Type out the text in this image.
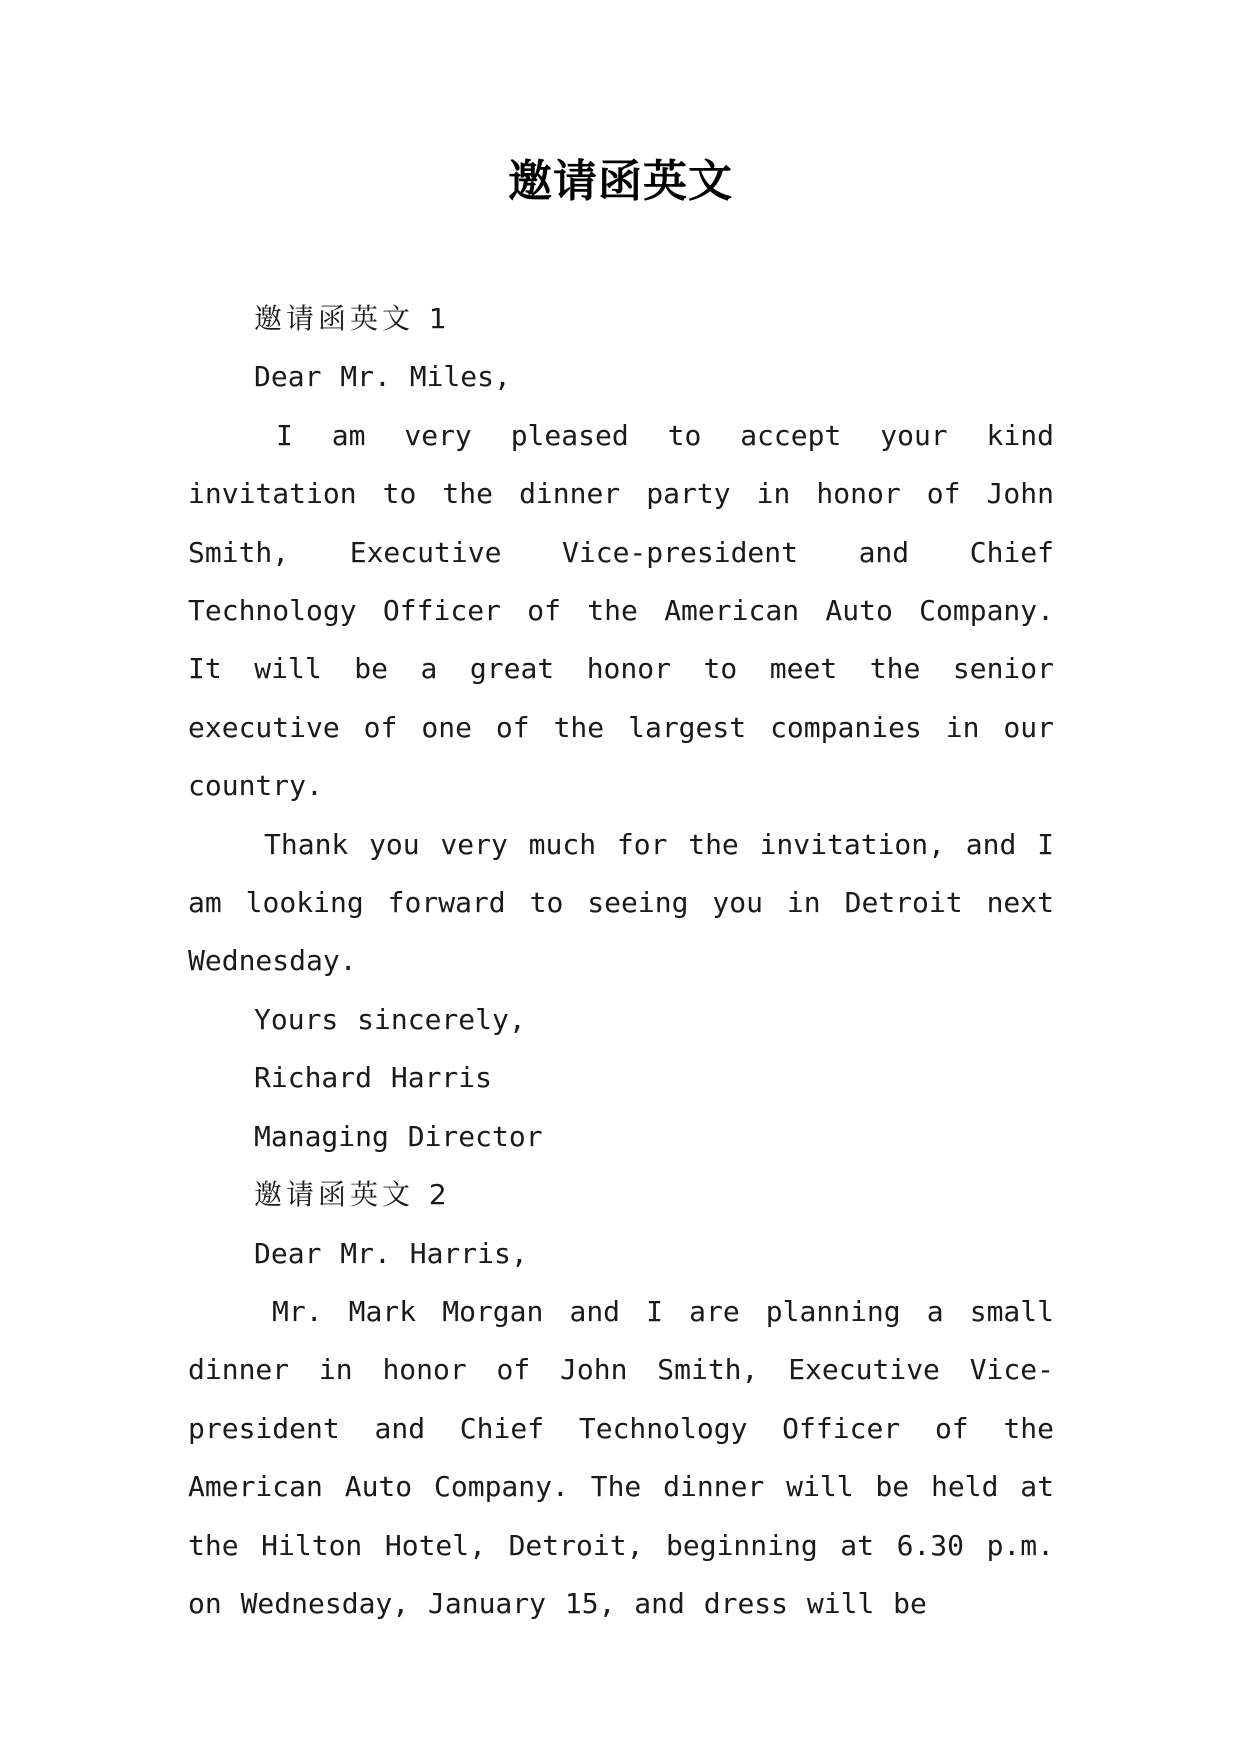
邀请函英文

邀请函英文 1

Dear Mr. Miles,

I am very pleased to accept your kind invitation to the dinner party in honor of John Smith, Executive Vice-president and Chief Technology Officer of the American Auto Company. It will be a great honor to meet the senior executive of one of the largest companies in our country.

Thank you very much for the invitation, and I am looking forward to seeing you in Detroit next Wednesday.

Yours sincerely,

Richard Harris

Managing Director

邀请函英文 2

Dear Mr. Harris,

Mr. Mark Morgan and I are planning a small dinner in honor of John Smith, Executive Vice-president and Chief Technology Officer of the American Auto Company. The dinner will be held at the Hilton Hotel, Detroit, beginning at 6.30 p.m. on Wednesday, January 15, and dress will be
